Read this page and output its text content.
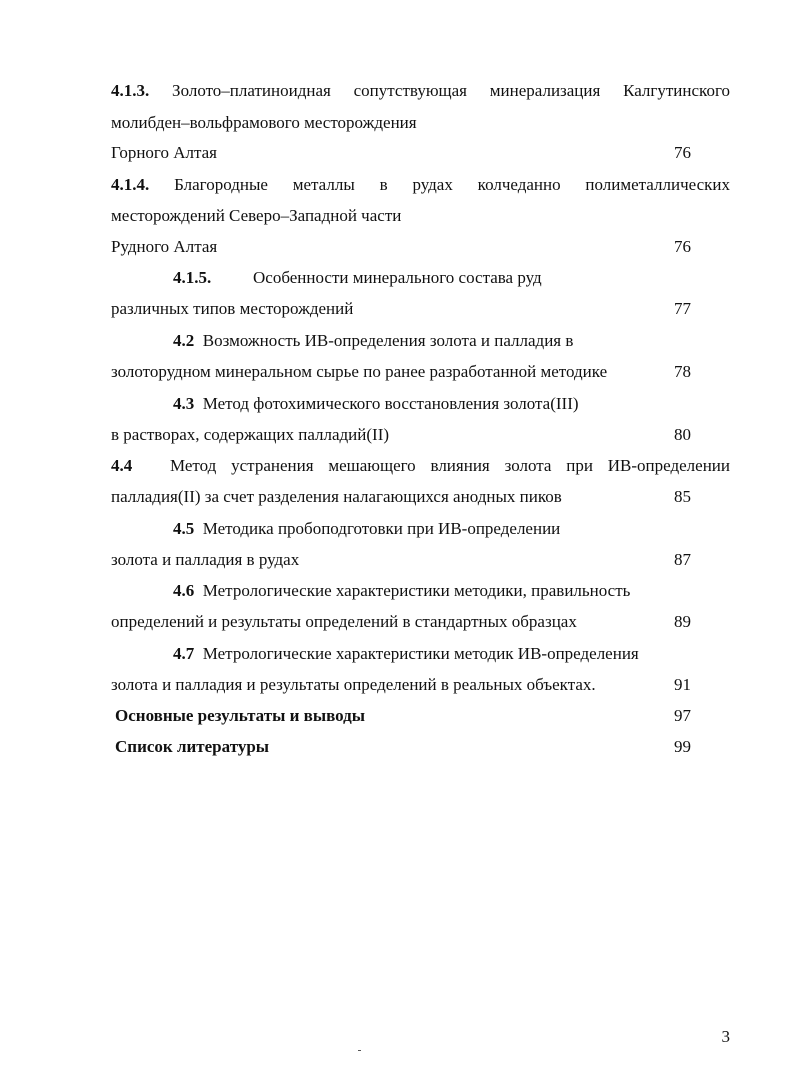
4.1.3. Золото–платиноидная сопутствующая минерализация Калгутинского
молибден–вольфрамового месторождения
Горного Алтая	76
4.1.4. Благородные металлы в рудах колчеданно полиметаллических
месторождений Северо–Западной части
Рудного Алтая	76
4.1.5. Особенности минерального состава руд
различных типов месторождений	77
4.2 Возможность ИВ-определения золота и палладия в
золоторудном минеральном сырье по ранее разработанной методике	78
4.3 Метод фотохимического восстановления золота(III)
в растворах, содержащих палладий(II)	80
4.4 Метод устранения мешающего влияния золота при ИВ-определении
палладия(II) за счет разделения налагающихся анодных пиков	85
4.5 Методика пробоподготовки при ИВ-определении
золота и палладия в рудах	87
4.6 Метрологические характеристики методики, правильность
определений и результаты определений в стандартных образцах	89
4.7 Метрологические характеристики методик ИВ-определения
золота и палладия и результаты определений в реальных объектах.	91
Основные результаты и выводы	97
Список литературы	99
3
